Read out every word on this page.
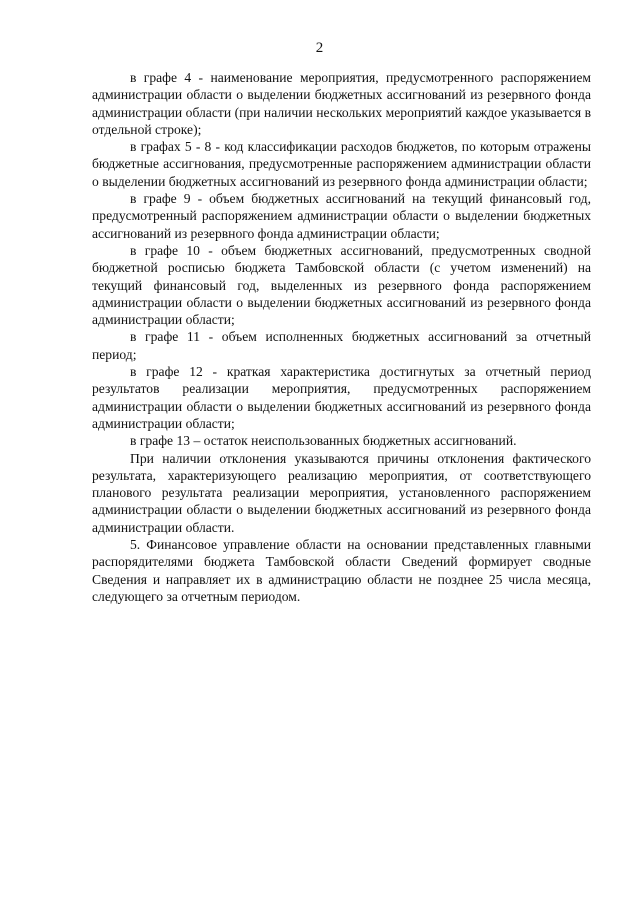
2

в графе 4 - наименование мероприятия, предусмотренного распоряжением администрации области о выделении бюджетных ассигнований из резервного фонда администрации области (при наличии нескольких мероприятий каждое указывается в отдельной строке);

в графах 5 - 8 - код классификации расходов бюджетов, по которым отражены бюджетные ассигнования, предусмотренные распоряжением администрации области о выделении бюджетных ассигнований из резервного фонда администрации области;

в графе 9 - объем бюджетных ассигнований на текущий финансовый год, предусмотренный распоряжением администрации области о выделении бюджетных ассигнований из резервного фонда администрации области;

в графе 10 - объем бюджетных ассигнований, предусмотренных сводной бюджетной росписью бюджета Тамбовской области (с учетом изменений) на текущий финансовый год, выделенных из резервного фонда распоряжением администрации области о выделении бюджетных ассигнований из резервного фонда администрации области;

в графе 11 - объем исполненных бюджетных ассигнований за отчетный период;

в графе 12 - краткая характеристика достигнутых за отчетный период результатов реализации мероприятия, предусмотренных распоряжением администрации области о выделении бюджетных ассигнований из резервного фонда администрации области;

в графе 13 – остаток неиспользованных бюджетных ассигнований.

При наличии отклонения указываются причины отклонения фактического результата, характеризующего реализацию мероприятия, от соответствующего планового результата реализации мероприятия, установленного распоряжением администрации области о выделении бюджетных ассигнований из резервного фонда администрации области.

5. Финансовое управление области на основании представленных главными распорядителями бюджета Тамбовской области Сведений формирует сводные Сведения и направляет их в администрацию области не позднее 25 числа месяца, следующего за отчетным периодом.
